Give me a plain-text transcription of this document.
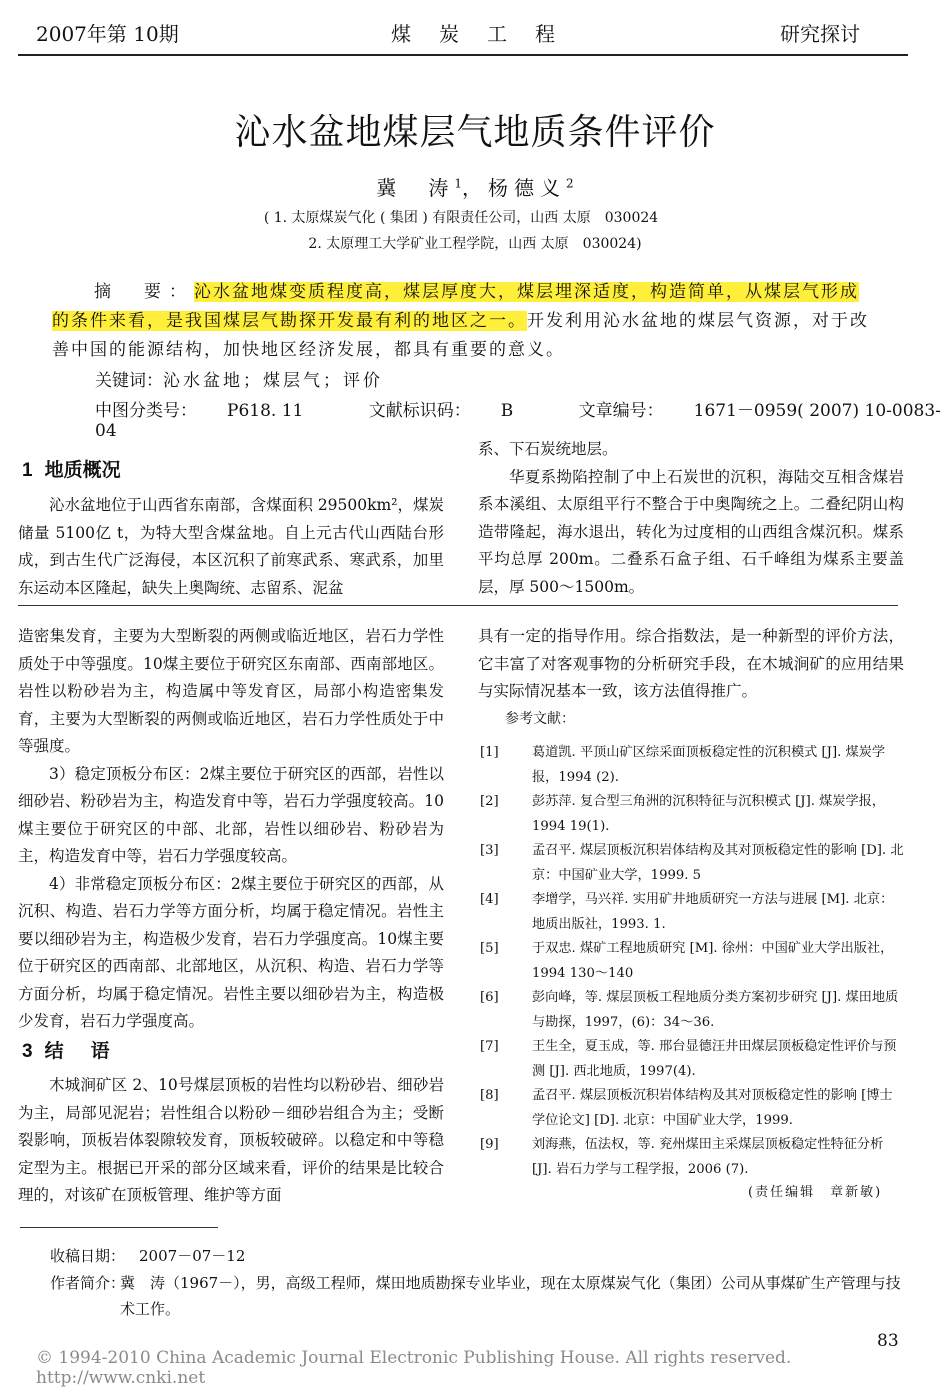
2007年第 10期	煤　炭　工　程	研究探讨
沁水盆地煤层气地质条件评价
冀　涛$^1$，杨德义$^2$
( 1. 太原煤炭气化 ( 集团 ) 有限责任公司，山西 太原　030024
2. 太原理工大学矿业工程学院，山西 太原　030024)
摘　要：沁水盆地煤变质程度高，煤层厚度大，煤层埋深适度，构造简单，从煤层气形成的条件来看，是我国煤层气勘探开发最有利的地区之一。开发利用沁水盆地的煤层气资源，对于改善中国的能源结构，加快地区经济发展，都具有重要的意义。
关键词：沁水盆地；煤层气；评价
中图分类号： P618. 11	文献标识码： B	文章编号： 1671－0959( 2007) 10-0083-04
1 地质概况

沁水盆地位于山西省东南部，含煤面积 29500km²，煤炭储量 5100亿 t，为特大型含煤盆地。自上元古代山西陆台形成，到古生代广泛海侵，本区沉积了前寒武系、寒武系，加里东运动本区隆起，缺失上奥陶统、志留系、泥盆

系、下石炭统地层。

华夏系拗陷控制了中上石炭世的沉积，海陆交互相含煤岩系本溪组、太原组平行不整合于中奥陶统之上。二叠纪阴山构造带隆起，海水退出，转化为过度相的山西组含煤沉积。煤系平均总厚 200m。二叠系石盒子组、石千峰组为煤系主要盖层，厚 500～1500m。

造密集发育，主要为大型断裂的两侧或临近地区，岩石力学性质处于中等强度。10煤主要位于研究区东南部、西南部地区。岩性以粉砂岩为主，构造属中等发育区，局部小构造密集发育，主要为大型断裂的两侧或临近地区，岩石力学性质处于中等强度。

3）稳定顶板分布区：2煤主要位于研究区的西部，岩性以细砂岩、粉砂岩为主，构造发育中等，岩石力学强度较高。10煤主要位于研究区的中部、北部，岩性以细砂岩、粉砂岩为主，构造发育中等，岩石力学强度较高。

4）非常稳定顶板分布区：2煤主要位于研究区的西部，从沉积、构造、岩石力学等方面分析，均属于稳定情况。岩性主要以细砂岩为主，构造极少发育，岩石力学强度高。10煤主要位于研究区的西南部、北部地区，从沉积、构造、岩石力学等方面分析，均属于稳定情况。岩性主要以细砂岩为主，构造极少发育，岩石力学强度高。

3 结　语

木城涧矿区 2、10号煤层顶板的岩性均以粉砂岩、细砂岩为主，局部见泥岩；岩性组合以粉砂－细砂岩组合为主；受断裂影响，顶板岩体裂隙较发育，顶板较破碎。以稳定和中等稳定型为主。根据已开采的部分区域来看，评价的结果是比较合理的，对该矿在顶板管理、维护等方面

具有一定的指导作用。综合指数法，是一种新型的评价方法，它丰富了对客观事物的分析研究手段，在木城涧矿的应用结果与实际情况基本一致，该方法值得推广。

参考文献：
[1]	葛道凯. 平顶山矿区综采面顶板稳定性的沉积模式 [J]. 煤炭学报，1994 (2).
[2]	彭苏萍. 复合型三角洲的沉积特征与沉积模式 [J]. 煤炭学报，1994 19(1).
[3]	孟召平. 煤层顶板沉积岩体结构及其对顶板稳定性的影响 [D]. 北京：中国矿业大学，1999. 5
[4]	李增学，马兴祥. 实用矿井地质研究一方法与进展 [M]. 北京：地质出版社，1993. 1.
[5]	于双忠. 煤矿工程地质研究 [M]. 徐州：中国矿业大学出版社，1994 130～140
[6]	彭向峰，等. 煤层顶板工程地质分类方案初步研究 [J]. 煤田地质与勘探，1997，(6)：34～36.
[7]	王生全，夏玉成，等. 邢台显德汪井田煤层顶板稳定性评价与预测 [J]. 西北地质，1997(4).
[8]	孟召平. 煤层顶板沉积岩体结构及其对顶板稳定性的影响 [博士学位论文] [D]. 北京：中国矿业大学，1999.
[9]	刘海燕，伍法权，等. 兖州煤田主采煤层顶板稳定性特征分析 [J]. 岩石力学与工程学报，2006 (7).
(责任编辑　章新敏)
收稿日期： 2007－07－12
作者简介：
冀　涛（1967－），男，高级工程师，煤田地质勘探专业毕业，现在太原煤炭气化（集团）公司从事煤矿生产管理与技术工作。
83
© 1994-2010 China Academic Journal Electronic Publishing House. All rights reserved.　http://www.cnki.net
